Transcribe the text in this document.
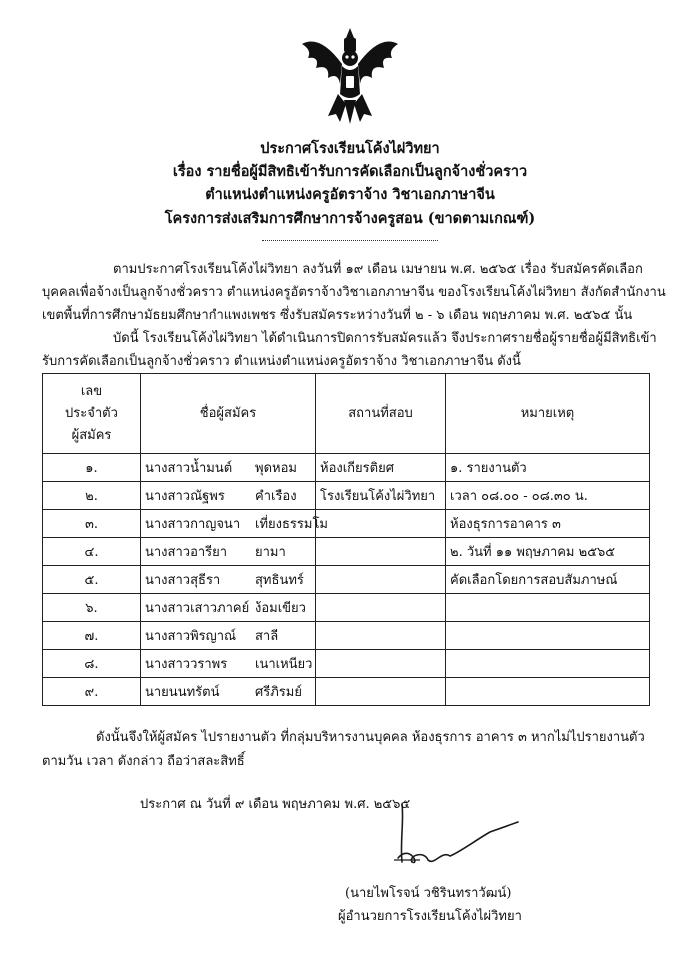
ประกาศโรงเรียนโค้งไผ่วิทยา
เรื่อง รายชื่อผู้มีสิทธิเข้ารับการคัดเลือกเป็นลูกจ้างชั่วคราว
ตำแหน่งตำแหน่งครูอัตราจ้าง วิชาเอกภาษาจีน
โครงการส่งเสริมการศึกษาการจ้างครูสอน (ขาดตามเกณฑ์)
ตามประกาศโรงเรียนโค้งไผ่วิทยา ลงวันที่ ๑๙ เดือน เมษายน พ.ศ. ๒๕๖๕ เรื่อง รับสมัครคัดเลือก
บุคคลเพื่อจ้างเป็นลูกจ้างชั่วคราว ตำแหน่งครูอัตราจ้างวิชาเอกภาษาจีน ของโรงเรียนโค้งไผ่วิทยา สังกัดสำนักงาน
เขตพื้นที่การศึกษามัธยมศึกษากำแพงเพชร ซึ่งรับสมัครระหว่างวันที่ ๒ - ๖ เดือน พฤษภาคม พ.ศ. ๒๕๖๕ นั้น
บัดนี้ โรงเรียนโค้งไผ่วิทยา ได้ดำเนินการปิดการรับสมัครแล้ว จึงประกาศรายชื่อผู้รายชื่อผู้มีสิทธิเข้า
รับการคัดเลือกเป็นลูกจ้างชั่วคราว ตำแหน่งตำแหน่งครูอัตราจ้าง วิชาเอกภาษาจีน ดังนี้
เลข
ประจำตัว
ผู้สมัคร	ชื่อผู้สมัคร	สถานที่สอบ	หมายเหตุ
๑.	นางสาวน้ำมนต์ พุดหอม	ห้องเกียรติยศ	๑. รายงานตัว
๒.	นางสาวณัฐพร คำเรือง	โรงเรียนโค้งไผ่วิทยา	เวลา ๐๘.๐๐ - ๐๘.๓๐ น.
๓.	นางสาวกาญจนา เที่ยงธรรมโม		ห้องธุรการอาคาร ๓
๔.	นางสาวอารียา ยามา		๒. วันที่ ๑๑ พฤษภาคม ๒๕๖๕
๕.	นางสาวสุธีรา สุทธินทร์		คัดเลือกโดยการสอบสัมภาษณ์
๖.	นางสาวเสาวภาคย์ ง้อมเขียว		
๗.	นางสาวพิรญาณ์ สาลี		
๘.	นางสาววราพร เนาเหนียว		
๙.	นายนนทรัตน์ ศรีภิรมย์		
ดังนั้นจึงให้ผู้สมัคร ไปรายงานตัว ที่กลุ่มบริหารงานบุคคล ห้องธุรการ อาคาร ๓ หากไม่ไปรายงานตัว
ตามวัน เวลา ดังกล่าว ถือว่าสละสิทธิ์
ประกาศ ณ วันที่ ๙ เดือน พฤษภาคม พ.ศ. ๒๕๖๕
(นายไพโรจน์ วชิรินทราวัฒน์)
ผู้อำนวยการโรงเรียนโค้งไผ่วิทยา
